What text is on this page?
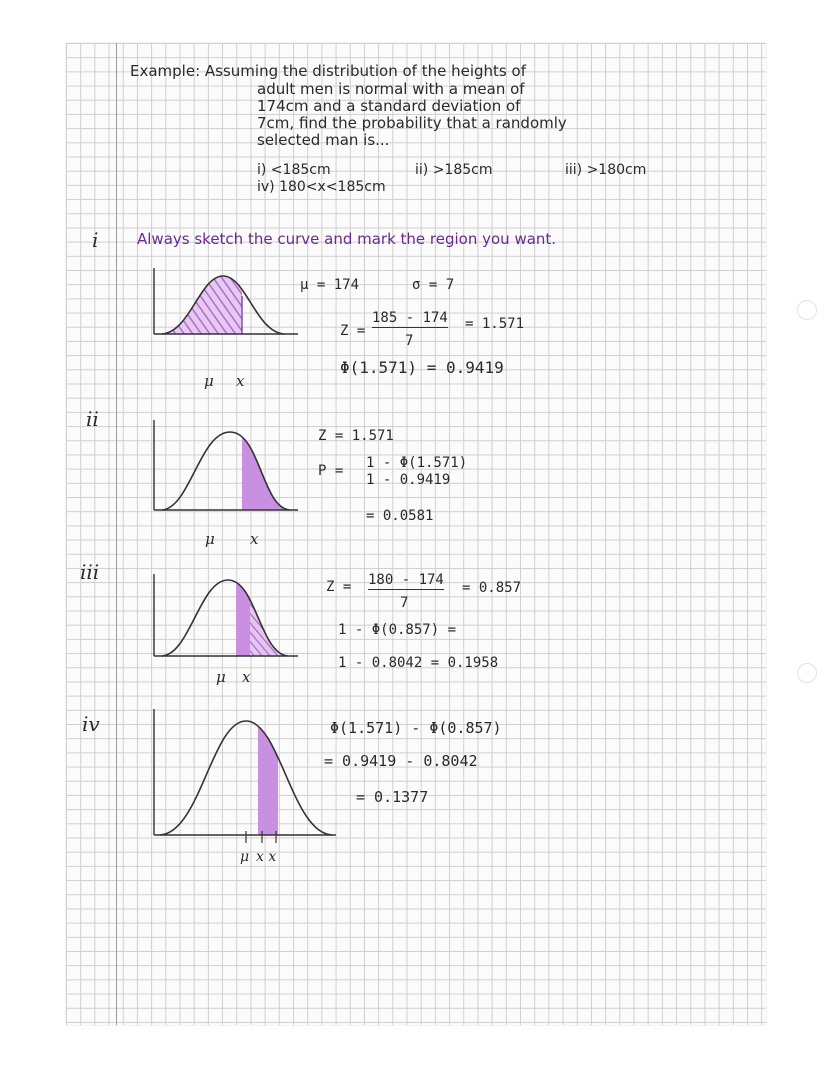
Example: Assuming the distribution of the heights of
adult men is normal with a mean of
174cm and a standard deviation of
7cm, find the probability that a randomly
selected man is...
i) <185cm	ii) >185cm	iii) >180cm
iv) 180<x<185cm
i	Always sketch the curve and mark the region you want.
μ x
μ = 174	σ = 7
Z =
185 - 174
7
= 1.571
Φ(1.571) = 0.9419
ii
μ x
Z = 1.571
P = 1 - Φ(1.571)
1 - 0.9419
= 0.0581
iii
μ x
Z = 180 - 174
7
= 0.857
1 - Φ(0.857) =
1 - 0.8042 = 0.1958
iv
μ x x
Φ(1.571) - Φ(0.857)
= 0.9419 - 0.8042
= 0.1377
